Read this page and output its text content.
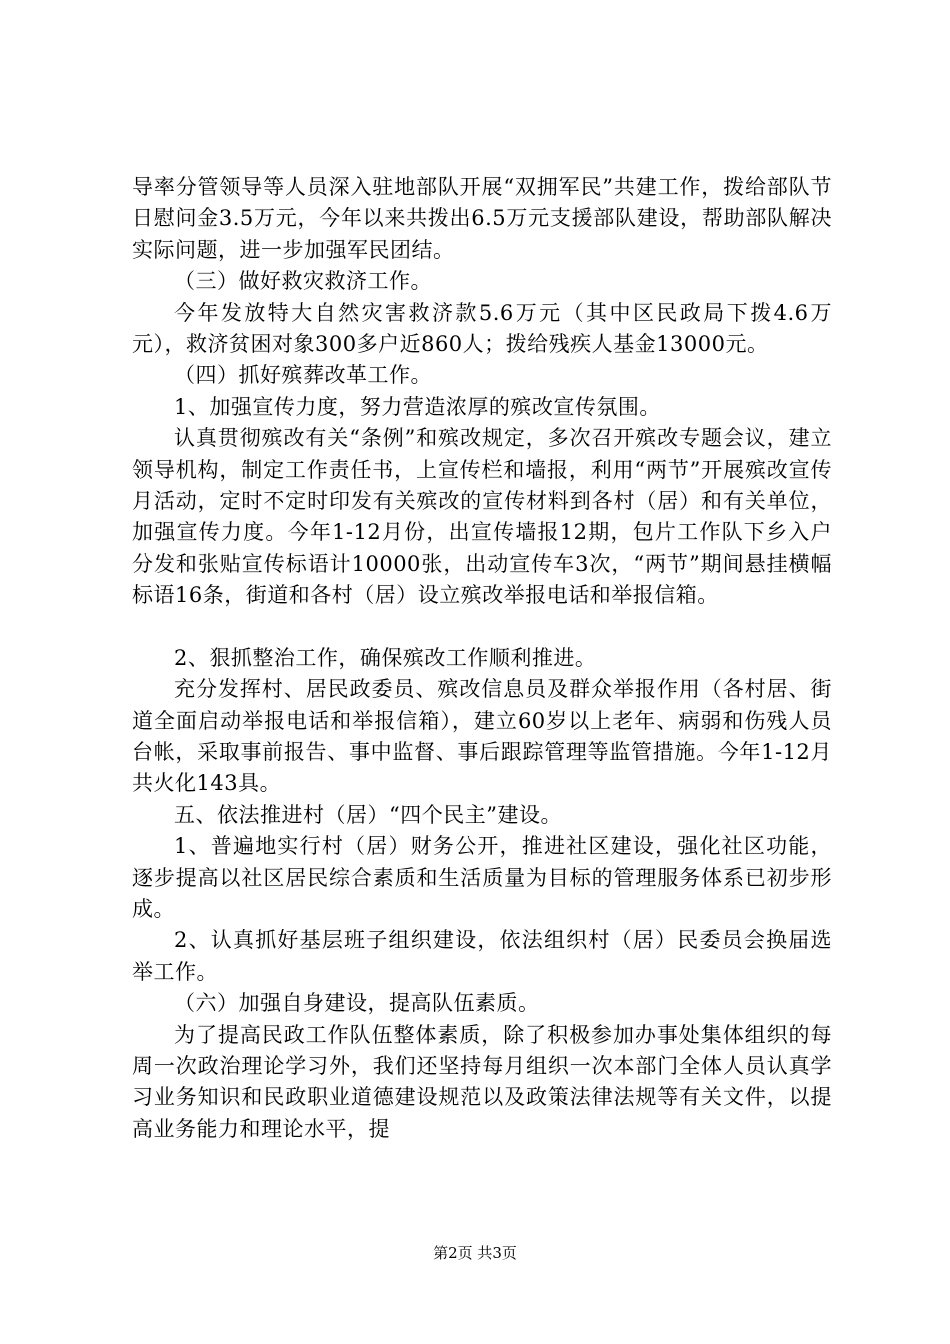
导率分管领导等人员深入驻地部队开展“双拥军民”共建工作，拨给部队节日慰问金3.5万元，今年以来共拨出6.5万元支援部队建设，帮助部队解决实际问题，进一步加强军民团结。

（三）做好救灾救济工作。

今年发放特大自然灾害救济款5.6万元（其中区民政局下拨4.6万元），救济贫困对象300多户近860人；拨给残疾人基金13000元。

（四）抓好殡葬改革工作。

1、加强宣传力度，努力营造浓厚的殡改宣传氛围。

认真贯彻殡改有关“条例”和殡改规定，多次召开殡改专题会议，建立领导机构，制定工作责任书，上宣传栏和墙报，利用“两节”开展殡改宣传月活动，定时不定时印发有关殡改的宣传材料到各村（居）和有关单位，加强宣传力度。今年1-12月份，出宣传墙报12期，包片工作队下乡入户分发和张贴宣传标语计10000张，出动宣传车3次，“两节”期间悬挂横幅标语16条，街道和各村（居）设立殡改举报电话和举报信箱。

2、狠抓整治工作，确保殡改工作顺利推进。

充分发挥村、居民政委员、殡改信息员及群众举报作用（各村居、街道全面启动举报电话和举报信箱），建立60岁以上老年、病弱和伤残人员台帐，采取事前报告、事中监督、事后跟踪管理等监管措施。今年1-12月共火化143具。

五、依法推进村（居）“四个民主”建设。

1、普遍地实行村（居）财务公开，推进社区建设，强化社区功能，逐步提高以社区居民综合素质和生活质量为目标的管理服务体系已初步形成。

2、认真抓好基层班子组织建设，依法组织村（居）民委员会换届选举工作。

（六）加强自身建设，提高队伍素质。

为了提高民政工作队伍整体素质，除了积极参加办事处集体组织的每周一次政治理论学习外，我们还坚持每月组织一次本部门全体人员认真学习业务知识和民政职业道德建设规范以及政策法律法规等有关文件，以提高业务能力和理论水平，提

第2页 共3页
